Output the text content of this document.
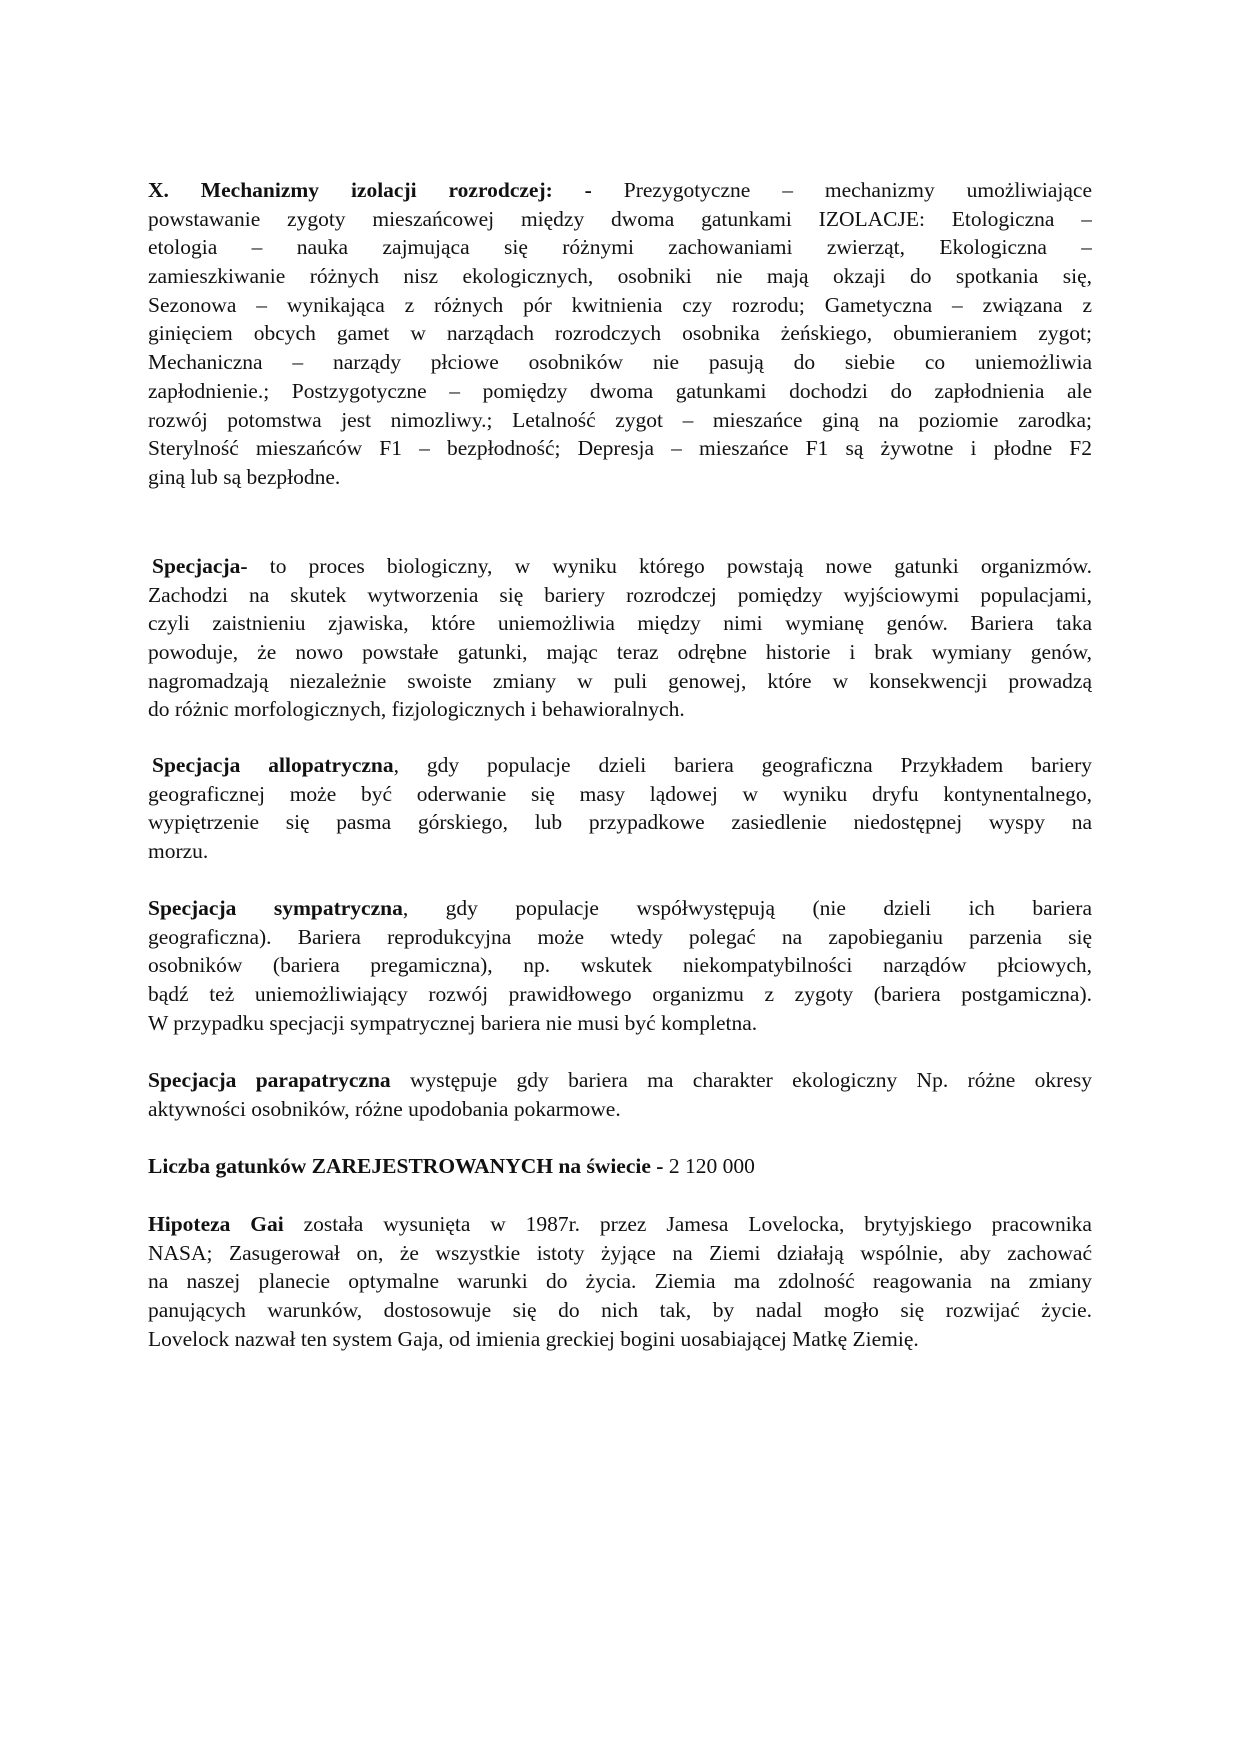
X. Mechanizmy izolacji rozrodczej: - Prezygotyczne – mechanizmy umożliwiające
powstawanie zygoty mieszańcowej między dwoma gatunkami IZOLACJE: Etologiczna –
etologia – nauka zajmująca się różnymi zachowaniami zwierząt, Ekologiczna –
zamieszkiwanie różnych nisz ekologicznych, osobniki nie mają okzaji do spotkania się,
Sezonowa – wynikająca z różnych pór kwitnienia czy rozrodu; Gametyczna – związana z
ginięciem obcych gamet w narządach rozrodczych osobnika żeńskiego, obumieraniem zygot;
Mechaniczna – narządy płciowe osobników nie pasują do siebie co uniemożliwia
zapłodnienie.; Postzygotyczne – pomiędzy dwoma gatunkami dochodzi do zapłodnienia ale
rozwój potomstwa jest nimozliwy.; Letalność zygot – mieszańce giną na poziomie zarodka;
Sterylność mieszańców F1 – bezpłodność; Depresja – mieszańce F1 są żywotne i płodne F2
giną lub są bezpłodne.
Specjacja- to proces biologiczny, w wyniku którego powstają nowe gatunki organizmów.
Zachodzi na skutek wytworzenia się bariery rozrodczej pomiędzy wyjściowymi populacjami,
czyli zaistnieniu zjawiska, które uniemożliwia między nimi wymianę genów. Bariera taka
powoduje, że nowo powstałe gatunki, mając teraz odrębne historie i brak wymiany genów,
nagromadzają niezależnie swoiste zmiany w puli genowej, które w konsekwencji prowadzą
do różnic morfologicznych, fizjologicznych i behawioralnych.
Specjacja allopatryczna, gdy populacje dzieli bariera geograficzna Przykładem bariery
geograficznej może być oderwanie się masy lądowej w wyniku dryfu kontynentalnego,
wypiętrzenie się pasma górskiego, lub przypadkowe zasiedlenie niedostępnej wyspy na
morzu.
Specjacja sympatryczna, gdy populacje współwystępują (nie dzieli ich bariera
geograficzna). Bariera reprodukcyjna może wtedy polegać na zapobieganiu parzenia się
osobników (bariera pregamiczna), np. wskutek niekompatybilności narządów płciowych,
bądź też uniemożliwiający rozwój prawidłowego organizmu z zygoty (bariera postgamiczna).
W przypadku specjacji sympatrycznej bariera nie musi być kompletna.
Specjacja parapatryczna występuje gdy bariera ma charakter ekologiczny Np. różne okresy
aktywności osobników, różne upodobania pokarmowe.
Liczba gatunków ZAREJESTROWANYCH na świecie - 2 120 000
Hipoteza Gai została wysunięta w 1987r. przez Jamesa Lovelocka, brytyjskiego pracownika
NASA; Zasugerował on, że wszystkie istoty żyjące na Ziemi działają wspólnie, aby zachować
na naszej planecie optymalne warunki do życia. Ziemia ma zdolność reagowania na zmiany
panujących warunków, dostosowuje się do nich tak, by nadal mogło się rozwijać życie.
Lovelock nazwał ten system Gaja, od imienia greckiej bogini uosabiającej Matkę Ziemię.
